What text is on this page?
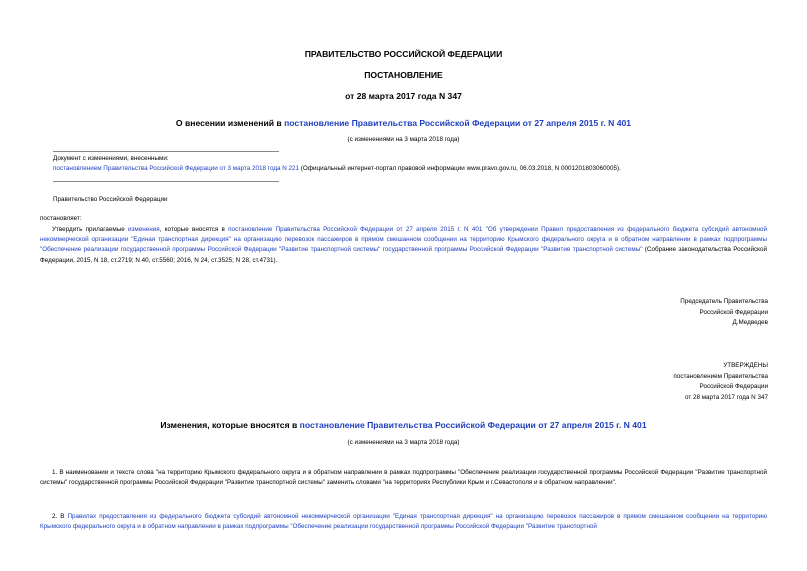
ПРАВИТЕЛЬСТВО РОССИЙСКОЙ ФЕДЕРАЦИИ
ПОСТАНОВЛЕНИЕ
от 28 марта 2017 года N 347
О внесении изменений в постановление Правительства Российской Федерации от 27 апреля 2015 г. N 401
(с изменениями на 3 марта 2018 года)
Документ с изменениями, внесенными:
постановлением Правительства Российской Федерации от 3 марта 2018 года N 221 (Официальный интернет-портал правовой информации www.pravo.gov.ru, 06.03.2018, N 0001201803060005).
Правительство Российской Федерации
постановляет:
Утвердить прилагаемые изменения, которые вносятся в постановление Правительства Российской Федерации от 27 апреля 2015 г. N 401 "Об утверждении Правил предоставления из федерального бюджета субсидий автономной некоммерческой организации "Единая транспортная дирекция" на организацию перевозок пассажиров в прямом смешанном сообщении на территорию Крымского федерального округа и в обратном направлении в рамках подпрограммы "Обеспечение реализации государственной программы Российской Федерации "Развитие транспортной системы" государственной программы Российской Федерации "Развитие транспортной системы" (Собрание законодательства Российской Федерации, 2015, N 18, ст.2719; N 40, ст.5560; 2016, N 24, ст.3525; N 28, ст.4731).
Председатель Правительства
Российской Федерации
Д.Медведев
УТВЕРЖДЕНЫ
постановлением Правительства
Российской Федерации
от 28 марта 2017 года N 347
Изменения, которые вносятся в постановление Правительства Российской Федерации от 27 апреля 2015 г. N 401
(с изменениями на 3 марта 2018 года)
1. В наименовании и тексте слова "на территорию Крымского федерального округа и в обратном направлении в рамках подпрограммы "Обеспечение реализации государственной программы Российской Федерации "Развитие транспортной системы" государственной программы Российской Федерации "Развитие транспортной системы" заменить словами "на территориях Республики Крым и г.Севастополя и в обратном направлении".
2. В Правилах предоставления из федерального бюджета субсидий автономной некоммерческой организации "Единая транспортная дирекция" на организацию перевозок пассажиров в прямом смешанном сообщении на территорию Крымского федерального округа и в обратном направлении в рамках подпрограммы "Обеспечение реализации государственной программы Российской Федерации "Развитие транспортной
